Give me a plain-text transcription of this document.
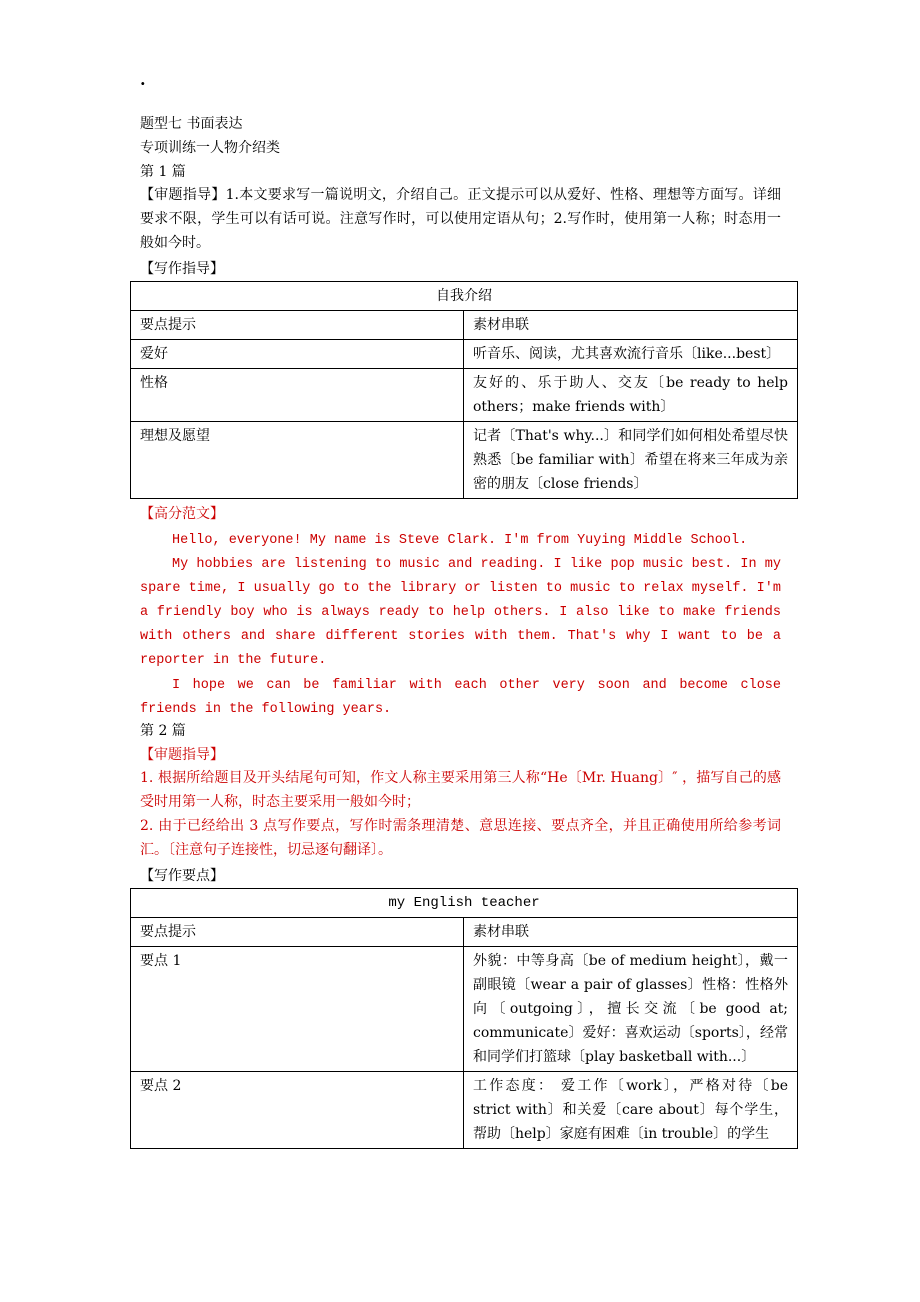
·
题型七 书面表达
专项训练一人物介绍类
第 1 篇
【审题指导】1.本文要求写一篇说明文，介绍自己。正文提示可以从爱好、性格、理想等方面写。详细要求不限，学生可以有话可说。注意写作时，可以使用定语从句；2.写作时，使用第一人称；时态用一般如今时。
【写作指导】
自我介绍	
要点提示	素材串联
爱好	听音乐、阅读，尤其喜欢流行音乐〔like...best〕
性格	友好的、乐于助人、交友〔be ready to help others；make friends with〕
理想及愿望	记者〔That's why...〕和同学们如何相处希望尽快熟悉〔be familiar with〕希望在将来三年成为亲密的朋友〔close friends〕
【高分范文】
Hello, everyone! My name is Steve Clark. I'm from Yuying Middle School.
My hobbies are listening to music and reading. I like pop music best. In my spare time, I usually go to the library or listen to music to relax myself. I'm a friendly boy who is always ready to help others. I also like to make friends with others and share different stories with them. That's why I want to be a reporter in the future.
I hope we can be familiar with each other very soon and become close friends in the following years.
第 2 篇
【审题指导】
1. 根据所给题目及开头结尾句可知，作文人称主要采用第三人称“He〔Mr. Huang〕″ ，描写自己的感受时用第一人称，时态主要采用一般如今时；
2. 由于已经给出 3 点写作要点，写作时需条理清楚、意思连接、要点齐全，并且正确使用所给参考词汇。〔注意句子连接性，切忌逐句翻译〕。
【写作要点】
my English teacher	
要点提示	素材串联
要点 1	外貌：中等身高〔be of medium height〕，戴一副眼镜〔wear a pair of glasses〕性格：性格外向〔outgoing〕，擅长交流〔be good at; communicate〕爱好：喜欢运动〔sports〕，经常和同学们打篮球〔play basketball with...〕
要点 2	工作态度： 爱工作〔work〕，严格对待〔be strict with〕和关爱〔care about〕每个学生，帮助〔help〕家庭有困难〔in trouble〕的学生
